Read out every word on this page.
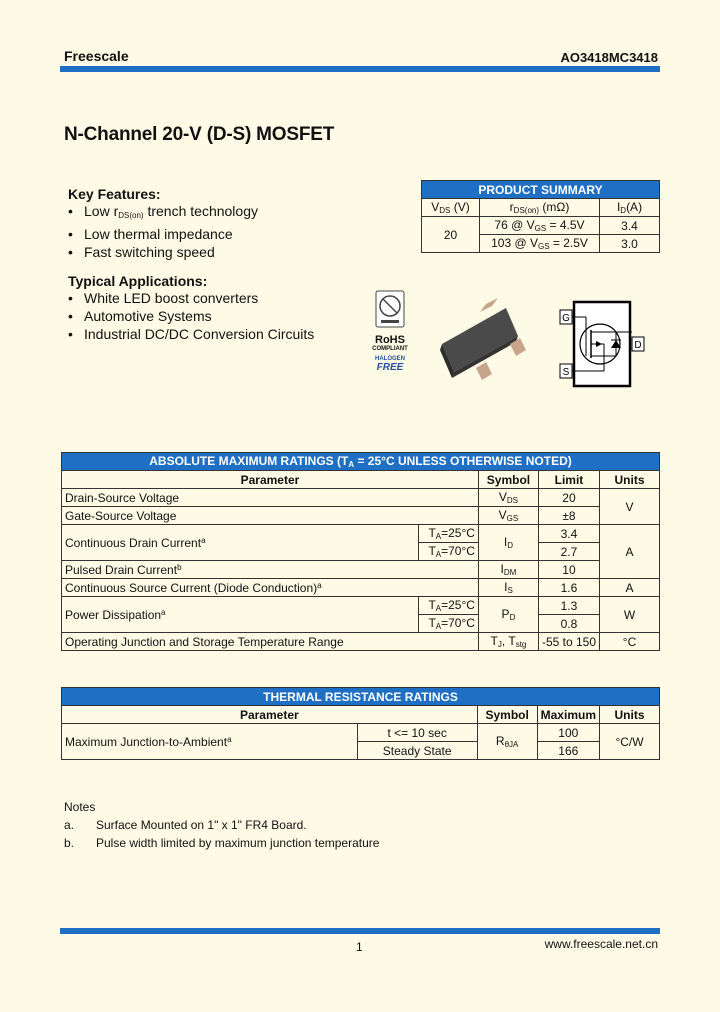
Freescale	AO3418MC3418
N-Channel 20-V (D-S) MOSFET
Key Features:
• Low $r_{DS(on)}$ trench technology
• Low thermal impedance
• Fast switching speed
Typical Applications:
• White LED boost converters
• Automotive Systems
• Industrial DC/DC Conversion Circuits
PRODUCT SUMMARY		
$V_{DS}$ (V)	$r_{DS(on)}$ (mΩ)	$I_D(A)$
20	76 @ $V_{GS} = 4.5V$	3.4
	103 @ $V_{GS} = 2.5V$	3.0
RoHS
COMPLIANT
HALOGEN
FREE
G
D
S
ABSOLUTE MAXIMUM RATINGS ($T_A = 25^\circ C$ UNLESS OTHERWISE NOTED)				
Parameter		Symbol	Limit	Units
Drain-Source Voltage		$V_{DS}$	20	V
Gate-Source Voltage		$V_{GS}$	±8	
Continuous Drain Current$^a$	$T_A=25^\circ C$	$I_D$	3.4	A
	$T_A=70^\circ C$		2.7	
Pulsed Drain Current$^b$		$I_{DM}$	10	
Continuous Source Current (Diode Conduction)$^a$		$I_S$	1.6	A
Power Dissipation$^a$	$T_A=25^\circ C$	$P_D$	1.3	W
	$T_A=70^\circ C$		0.8	
Operating Junction and Storage Temperature Range		$T_J$, $T_{stg}$	-55 to 150	°C
THERMAL RESISTANCE RATINGS				
Parameter		Symbol	Maximum	Units
Maximum Junction-to-Ambient$^a$	t <= 10 sec	$R_{\theta JA}$	100	°C/W
	Steady State		166	
Notes
a.	Surface Mounted on 1" x 1" FR4 Board.
b.	Pulse width limited by maximum junction temperature
1	www.freescale.net.cn
